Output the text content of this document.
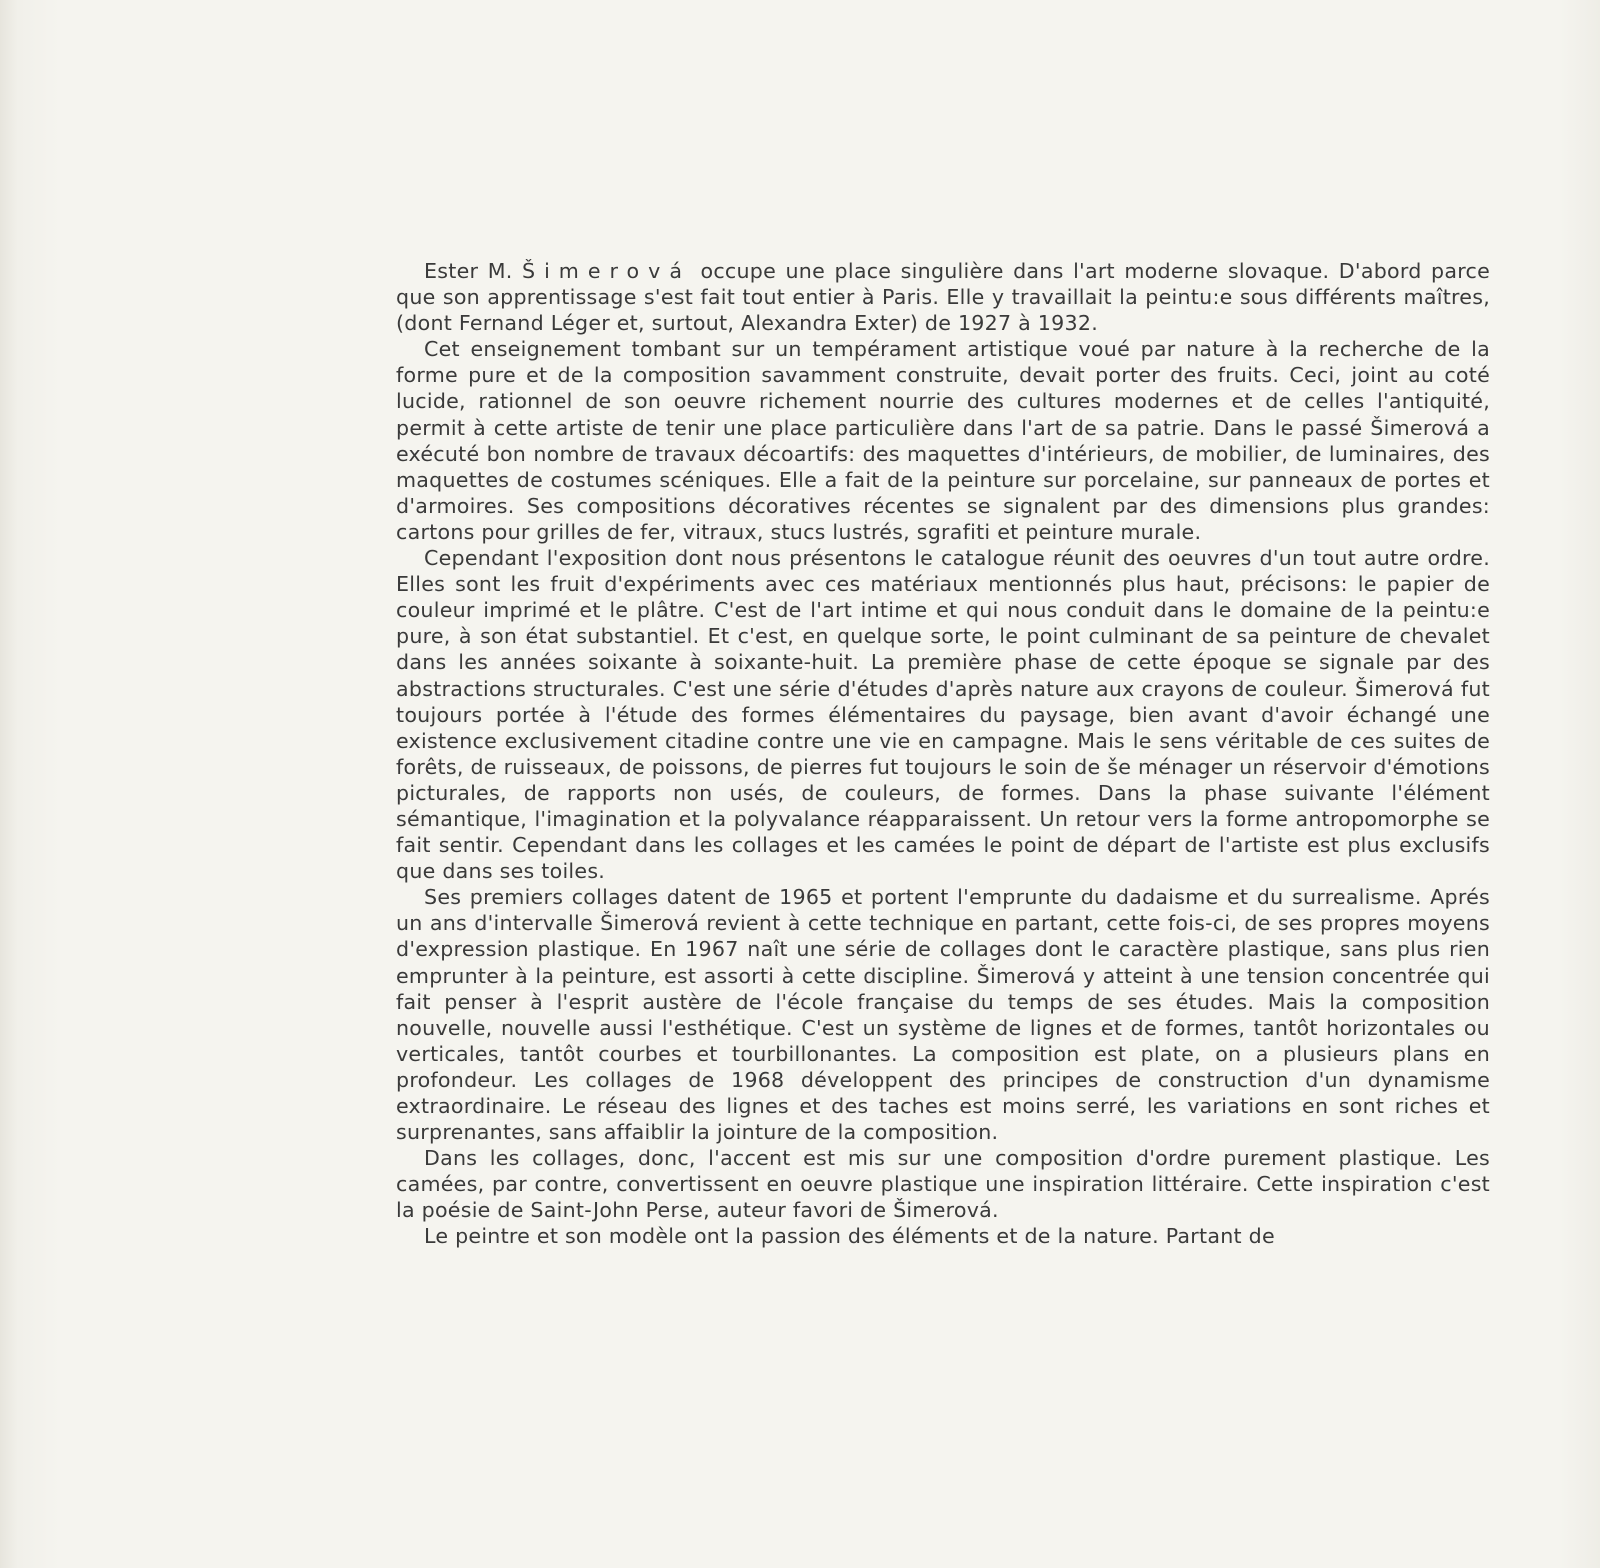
Ester M. Šimerová occupe une place singulière dans l'art moderne slovaque. D'abord parce que son apprentissage s'est fait tout entier à Paris. Elle y travaillait la peintu:e sous différents maîtres, (dont Fernand Léger et, surtout, Alexandra Exter) de 1927 à 1932.

Cet enseignement tombant sur un tempérament artistique voué par nature à la recherche de la forme pure et de la composition savamment construite, devait porter des fruits. Ceci, joint au coté lucide, rationnel de son oeuvre richement nourrie des cultures modernes et de celles l'antiquité, permit à cette artiste de tenir une place particulière dans l'art de sa patrie. Dans le passé Šimerová a exécuté bon nombre de travaux décoartifs: des maquettes d'intérieurs, de mobilier, de luminaires, des maquettes de costumes scéniques. Elle a fait de la peinture sur porcelaine, sur panneaux de portes et d'armoires. Ses compositions décoratives récentes se signalent par des dimensions plus grandes: cartons pour grilles de fer, vitraux, stucs lustrés, sgrafiti et peinture murale.

Cependant l'exposition dont nous présentons le catalogue réunit des oeuvres d'un tout autre ordre. Elles sont les fruit d'expériments avec ces matériaux mentionnés plus haut, précisons: le papier de couleur imprimé et le plâtre. C'est de l'art intime et qui nous conduit dans le domaine de la peintu:e pure, à son état substantiel. Et c'est, en quelque sorte, le point culminant de sa peinture de chevalet dans les années soixante à soixante-huit. La première phase de cette époque se signale par des abstractions structurales. C'est une série d'études d'après nature aux crayons de couleur. Šimerová fut toujours portée à l'étude des formes élémentaires du paysage, bien avant d'avoir échangé une existence exclusivement citadine contre une vie en campagne. Mais le sens véritable de ces suites de forêts, de ruisseaux, de poissons, de pierres fut toujours le soin de še ménager un réservoir d'émotions picturales, de rapports non usés, de couleurs, de formes. Dans la phase suivante l'élément sémantique, l'imagination et la polyvalance réapparaissent. Un retour vers la forme antropomorphe se fait sentir. Cependant dans les collages et les camées le point de départ de l'artiste est plus exclusifs que dans ses toiles.

Ses premiers collages datent de 1965 et portent l'emprunte du dadaisme et du surrealisme. Aprés un ans d'intervalle Šimerová revient à cette technique en partant, cette fois-ci, de ses propres moyens d'expression plastique. En 1967 naît une série de collages dont le caractère plastique, sans plus rien emprunter à la peinture, est assorti à cette discipline. Šimerová y atteint à une tension concentrée qui fait penser à l'esprit austère de l'école française du temps de ses études. Mais la composition nouvelle, nouvelle aussi l'esthétique. C'est un système de lignes et de formes, tantôt horizontales ou verticales, tantôt courbes et tourbillonantes. La composition est plate, on a plusieurs plans en profondeur. Les collages de 1968 développent des principes de construction d'un dynamisme extraordinaire. Le réseau des lignes et des taches est moins serré, les variations en sont riches et surprenantes, sans affaiblir la jointure de la composition.

Dans les collages, donc, l'accent est mis sur une composition d'ordre purement plastique. Les camées, par contre, convertissent en oeuvre plastique une inspiration littéraire. Cette inspiration c'est la poésie de Saint-John Perse, auteur favori de Šimerová.

Le peintre et son modèle ont la passion des éléments et de la nature. Partant de
